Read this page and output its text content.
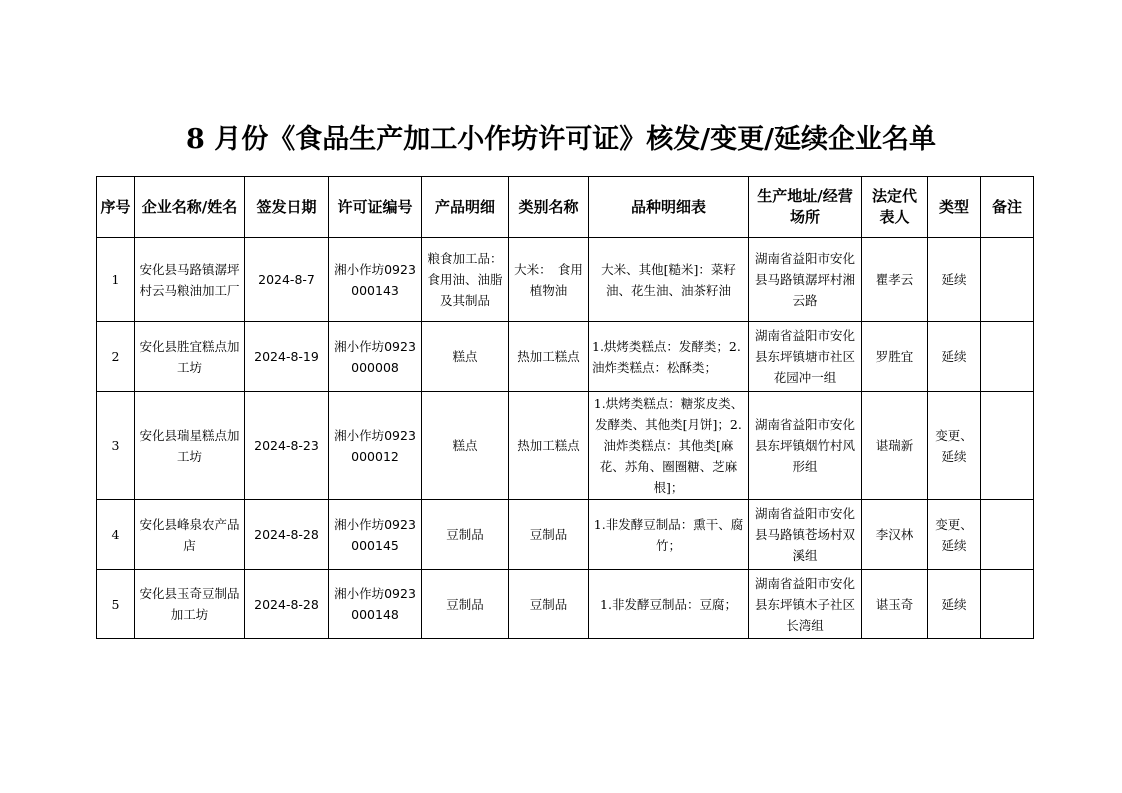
8 月份《食品生产加工小作坊许可证》核发/变更/延续企业名单
序号	企业名称/姓名	签发日期	许可证编号	产品明细	类别名称	品种明细表	生产地址/经营场所	法定代表人	类型	备注
1	安化县马路镇潺坪村云马粮油加工厂	2024-8-7	湘小作坊0923000143	粮食加工品：食用油、油脂及其制品	大米：　食用植物油	大米、其他[糙米]：菜籽油、花生油、油茶籽油	湖南省益阳市安化县马路镇潺坪村湘云路	瞿孝云	延续	
2	安化县胜宜糕点加工坊	2024-8-19	湘小作坊0923000008	糕点	热加工糕点	1.烘烤类糕点：发酵类；2.油炸类糕点：松酥类；	湖南省益阳市安化县东坪镇塘市社区花园冲一组	罗胜宜	延续	
3	安化县瑞星糕点加工坊	2024-8-23	湘小作坊0923000012	糕点	热加工糕点	1.烘烤类糕点：糖浆皮类、发酵类、其他类[月饼]；2.油炸类糕点：其他类[麻花、苏角、圈圈糖、芝麻根]；	湖南省益阳市安化县东坪镇烟竹村风形组	谌瑞新	变更、延续	
4	安化县峰泉农产品店	2024-8-28	湘小作坊0923000145	豆制品	豆制品	1.非发酵豆制品：熏干、腐竹；	湖南省益阳市安化县马路镇苍场村双溪组	李汉林	变更、延续	
5	安化县玉奇豆制品加工坊	2024-8-28	湘小作坊0923000148	豆制品	豆制品	1.非发酵豆制品：豆腐；	湖南省益阳市安化县东坪镇木子社区长湾组	谌玉奇	延续	
